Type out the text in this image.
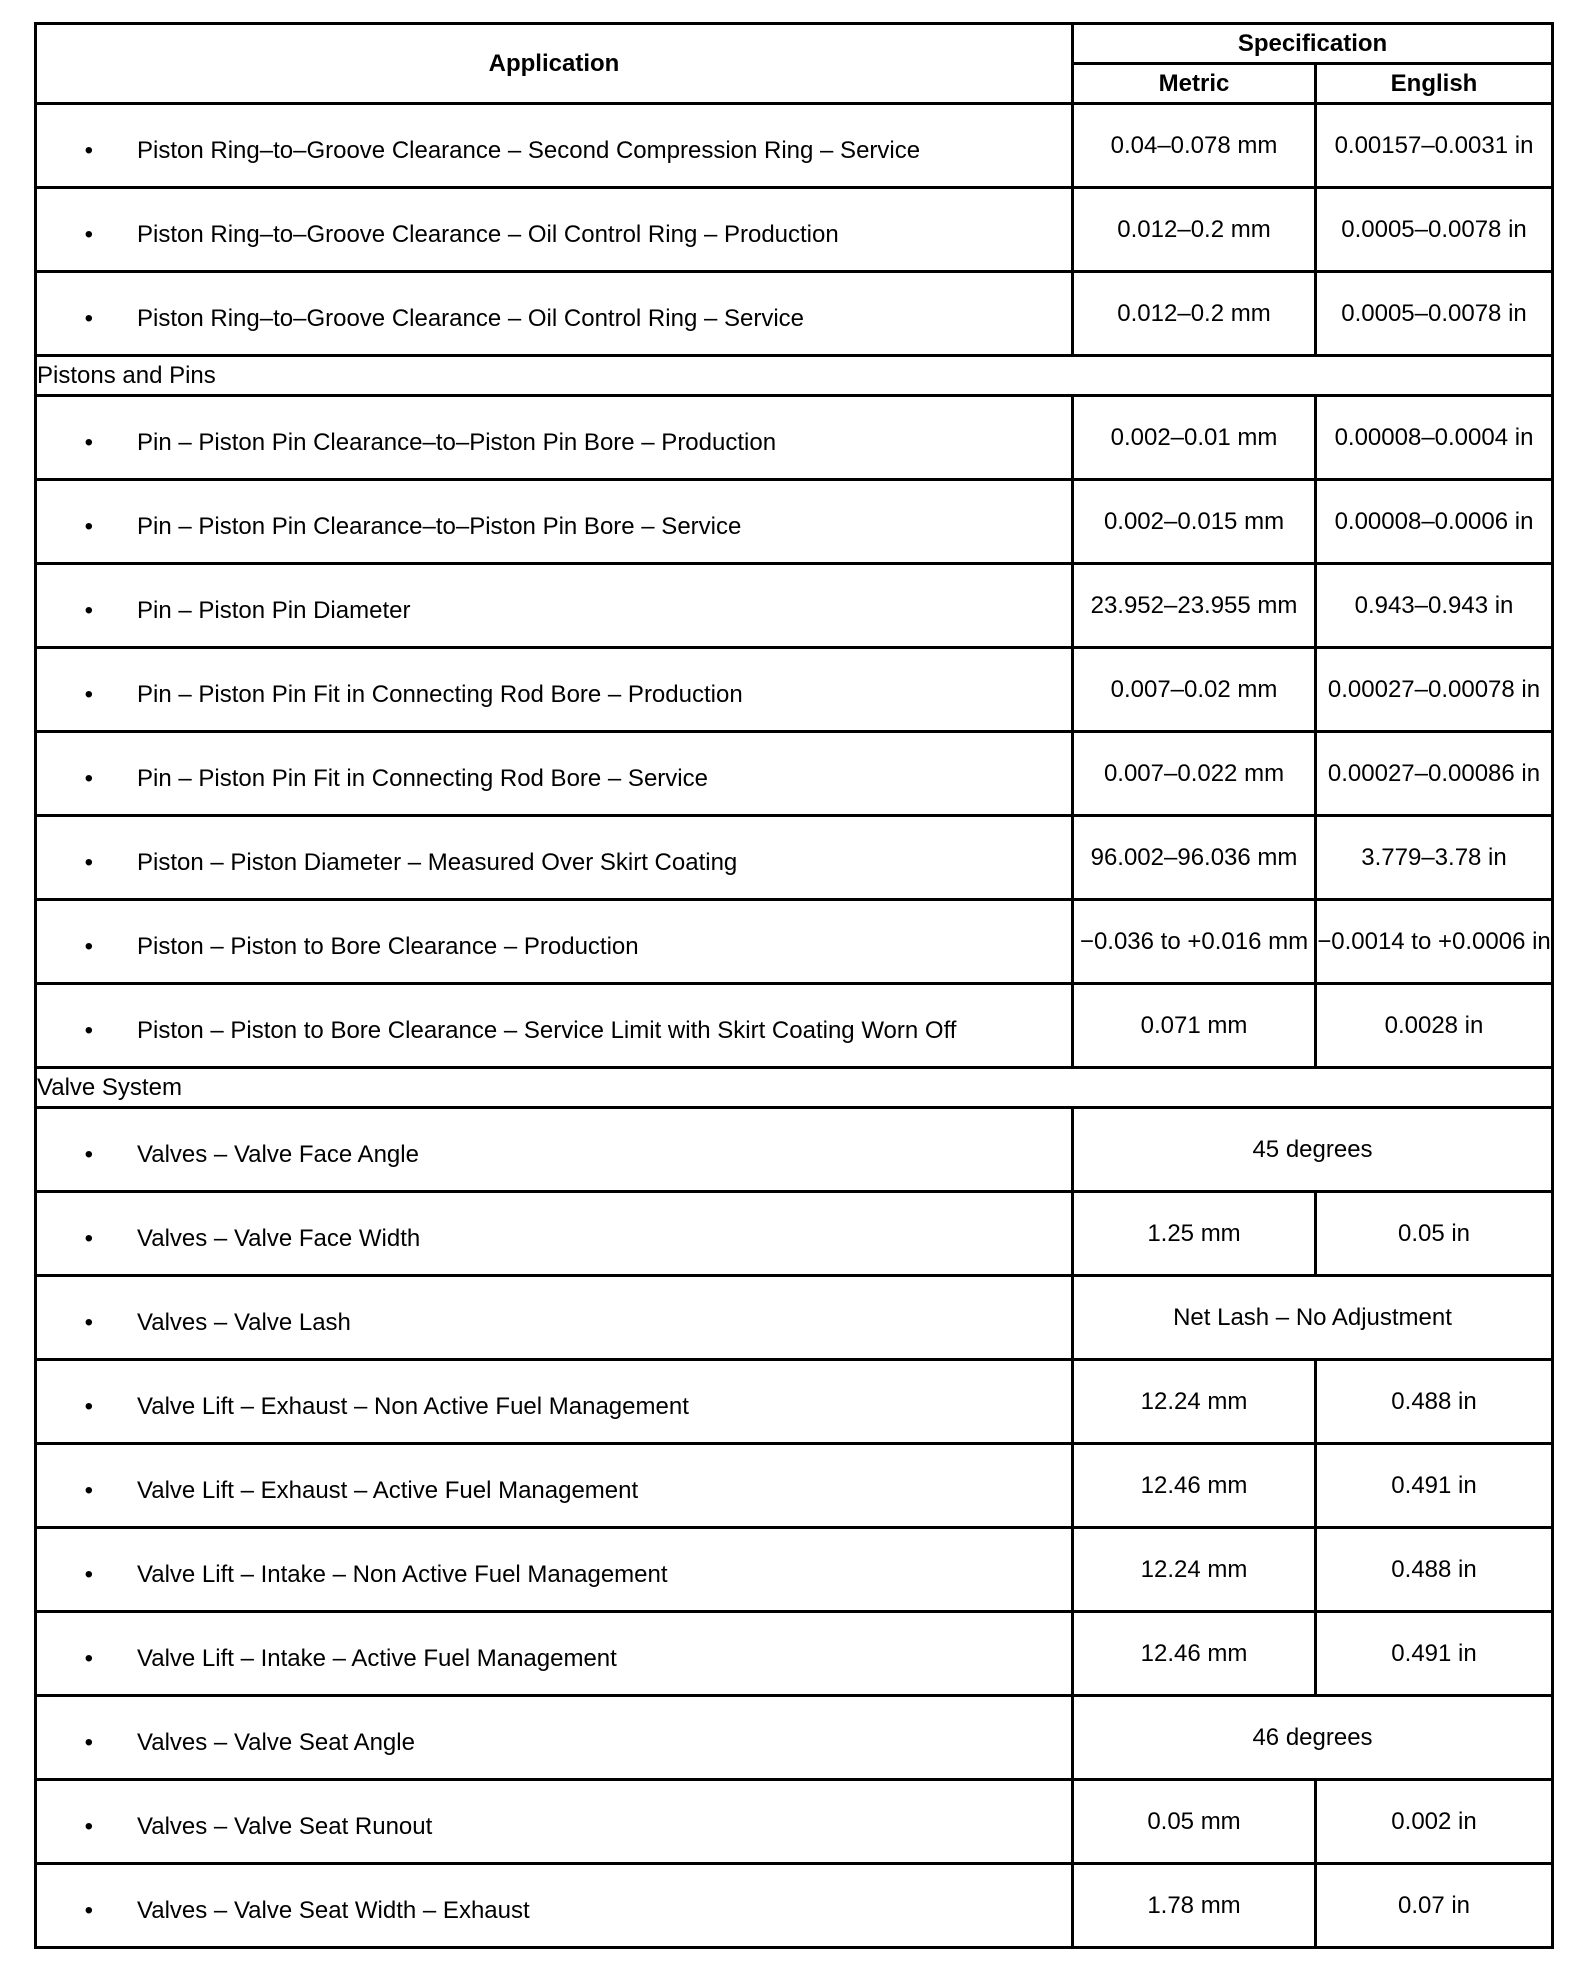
Application	Specification	
	Metric	English

• Piston Ring–to–Groove Clearance – Second Compression Ring – Service	0.04–0.078 mm	0.00157–0.0031 in

• Piston Ring–to–Groove Clearance – Oil Control Ring – Production	0.012–0.2 mm	0.0005–0.0078 in

• Piston Ring–to–Groove Clearance – Oil Control Ring – Service	0.012–0.2 mm	0.0005–0.0078 in
Pistons and Pins		

• Pin – Piston Pin Clearance–to–Piston Pin Bore – Production	0.002–0.01 mm	0.00008–0.0004 in

• Pin – Piston Pin Clearance–to–Piston Pin Bore – Service	0.002–0.015 mm	0.00008–0.0006 in

• Pin – Piston Pin Diameter	23.952–23.955 mm	0.943–0.943 in

• Pin – Piston Pin Fit in Connecting Rod Bore – Production	0.007–0.02 mm	0.00027–0.00078 in

• Pin – Piston Pin Fit in Connecting Rod Bore – Service	0.007–0.022 mm	0.00027–0.00086 in

• Piston – Piston Diameter – Measured Over Skirt Coating	96.002–96.036 mm	3.779–3.78 in

• Piston – Piston to Bore Clearance – Production	−0.036 to +0.016 mm	−0.0014 to +0.0006 in

• Piston – Piston to Bore Clearance – Service Limit with Skirt Coating Worn Off	0.071 mm	0.0028 in
Valve System		

• Valves – Valve Face Angle	45 degrees	

• Valves – Valve Face Width	1.25 mm	0.05 in

• Valves – Valve Lash	Net Lash – No Adjustment	

• Valve Lift – Exhaust – Non Active Fuel Management	12.24 mm	0.488 in

• Valve Lift – Exhaust – Active Fuel Management	12.46 mm	0.491 in

• Valve Lift – Intake – Non Active Fuel Management	12.24 mm	0.488 in

• Valve Lift – Intake – Active Fuel Management	12.46 mm	0.491 in

• Valves – Valve Seat Angle	46 degrees	

• Valves – Valve Seat Runout	0.05 mm	0.002 in

• Valves – Valve Seat Width – Exhaust	1.78 mm	0.07 in
